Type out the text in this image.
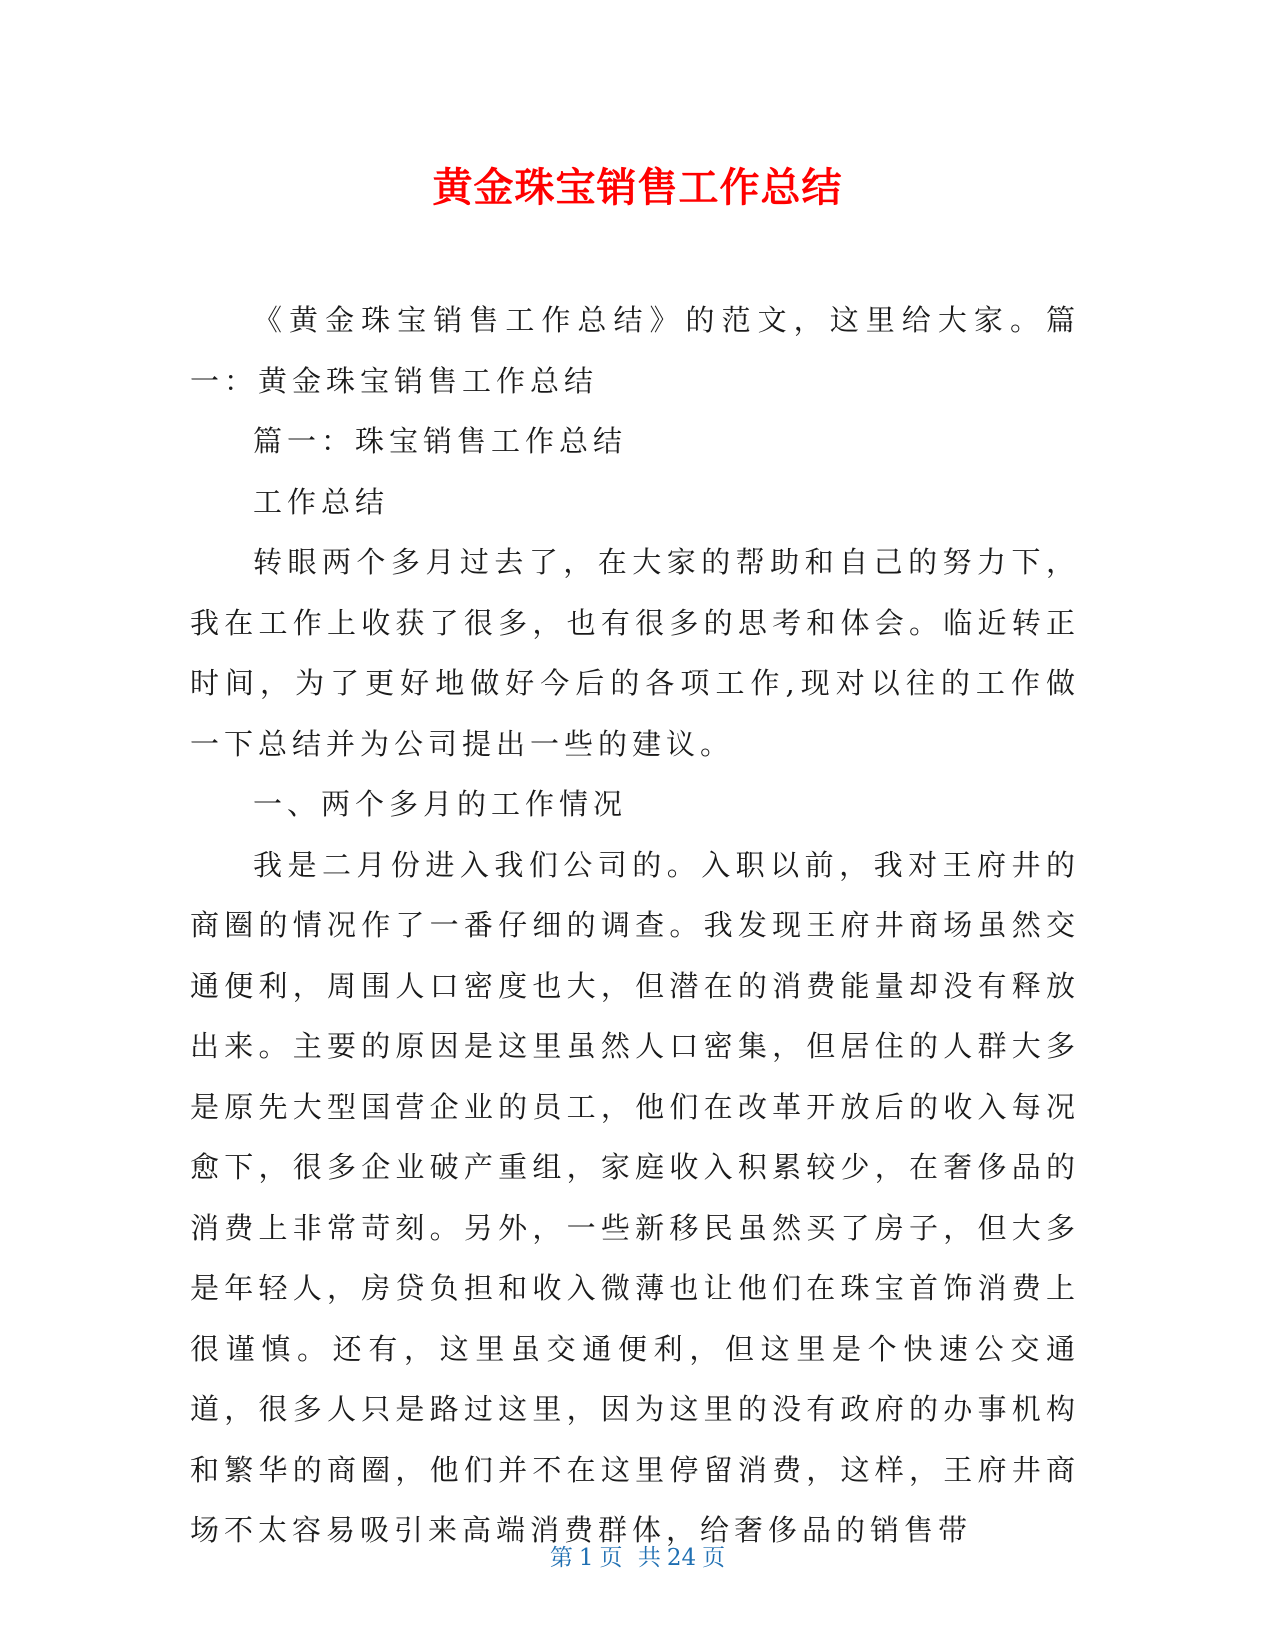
黄金珠宝销售工作总结

《黄金珠宝销售工作总结》的范文，这里给大家。篇一：黄金珠宝销售工作总结

篇一：珠宝销售工作总结

工作总结

转眼两个多月过去了，在大家的帮助和自己的努力下，我在工作上收获了很多，也有很多的思考和体会。临近转正时间，为了更好地做好今后的各项工作,现对以往的工作做一下总结并为公司提出一些的建议。

一、两个多月的工作情况

我是二月份进入我们公司的。入职以前，我对王府井的商圈的情况作了一番仔细的调查。我发现王府井商场虽然交通便利，周围人口密度也大，但潜在的消费能量却没有释放出来。主要的原因是这里虽然人口密集，但居住的人群大多是原先大型国营企业的员工，他们在改革开放后的收入每况愈下，很多企业破产重组，家庭收入积累较少，在奢侈品的消费上非常苛刻。另外，一些新移民虽然买了房子，但大多是年轻人，房贷负担和收入微薄也让他们在珠宝首饰消费上很谨慎。还有，这里虽交通便利，但这里是个快速公交通道，很多人只是路过这里，因为这里的没有政府的办事机构和繁华的商圈，他们并不在这里停留消费，这样，王府井商场不太容易吸引来高端消费群体，给奢侈品的销售带

第 1 页 共 24 页
